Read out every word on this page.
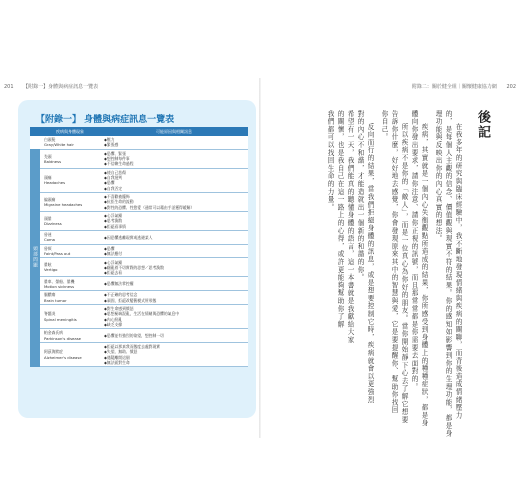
201 【附錄一】身體與病症訊息一覽表
【附錄一】 身體與病症訊息一覽表
	疾病與身體現象	可能原因與相關訊息
	白頭髮
Gray/White hair	◆壓力
◆緊張感
頭部問題	禿頭
Baldness	◆恐懼、緊張
◆想控制每件事
◆不信賴生命過程
	頭痛
Headaches	◆使自己悲傷
◆自我批判
◆恐懼
◆自我否定
	偏頭痛
Migraine headaches	◆不喜歡被擺佈
◆抗拒生命的流動
◆對性的恐懼、性慾愛（通常可以藉由手淫獲得緩解）
	頭暈
Dizziness	◆心浮氣躁
◆思考渙散
◆拒絕看事情
	昏迷
Coma	◆因恐懼逃離現實或逃避某人
	昏厥
Faint/Pass out	◆恐懼
◆無法應付
	暈眩
Vertigo	◆心浮氣躁
◆翻亂着不切實際的思想／思考渙散
◆拒絕去看
	暈車、暈船、暈機
Motion sickness	◆恐懼無法掌控權
	腦膿瘍
Brain tumor	◆不正確的思考信念
◆頑固，拒絕改變舊模式所形態
	脊髓炎
Spinal meningitis	◆對生命感到憤怒
◆思想極端混亂，生活在情緒與恐懼的氣息中
◆內心紛亂
◆缺乏支撐
	帕金森氏病
Parkinson's disease	◆恐懼並有強烈的欲望，想控制一切
	阿茲海默症
Alzheimer's disease	◆拒絕以那真我而態度去處對現實
◆失望、無助、憤怒
◆遇疑離開這個
◆無法面對生命
附錄二：關於健全組｜關懷健康協力網 202
後記
在我多年的研究與臨床經驗中，我不斷地發現情緒與疾病的關聯，而背後造成情緒壓力
的，是每個人主觀的信念、價值觀與現實不符的結果。你的感知如影響到你的生理功能，都是身
理功能與反映出你的內心真實的想法。
疾病，其實就是一個內心失衡觀點所造成的結果，你所感受到身體上的種種症狀，都是身
體向你發出要求，請你注意、請你正視的訊號，而且那常常都是你需要去面對的。
所以疾病不是你的「敵人」，而是一位真心為你好的朋友。當你開始靜下心去了解它想要
告訴你什麼，好好地去感覺，你會發現原來其中的智慧與愛，它是要提醒你、幫助你找回
你自己。
反向而行的結果，當我們拒絕身體的訊息，或是想要控制它時，疾病就會以更強烈
對的內心不和諧，才能造就出一個新的和諧的你。
希望有一天，我們能真的聽懂身體的語言，這一本書就是我獻給大家
的關懷，也是我自己在這一路上的心得，或許更能夠幫助你了解
我們都可以找回生命的力量。
